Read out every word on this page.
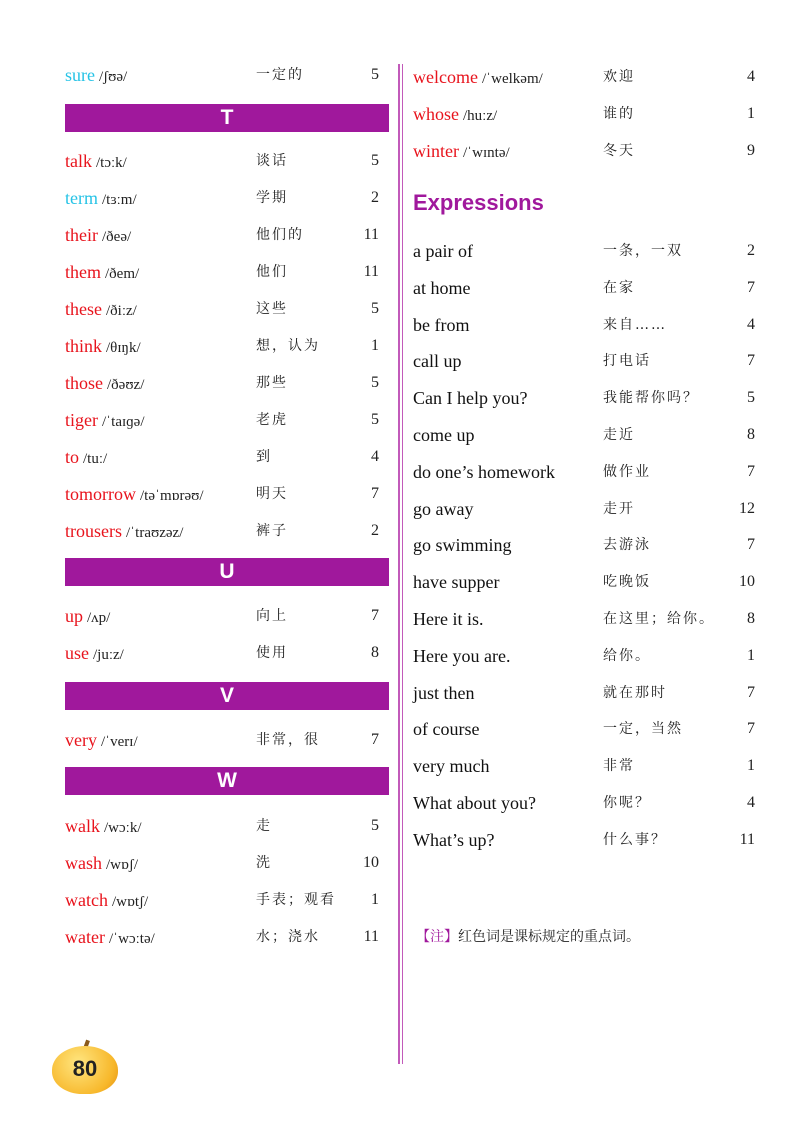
sure /ʃʊə/	一定的	5
T
talk /tɔːk/	谈话	5
term /tɜːm/	学期	2
their /ðeə/	他们的	11
them /ðem/	他们	11
these /ðiːz/	这些	5
think /θɪŋk/	想，认为	1
those /ðəʊz/	那些	5
tiger /ˈtaɪɡə/	老虎	5
to /tuː/	到	4
tomorrow /təˈmɒrəʊ/	明天	7
trousers /ˈtraʊzəz/	裤子	2
U
up /ʌp/	向上	7
use /juːz/	使用	8
V
very /ˈverɪ/	非常，很	7
W
walk /wɔːk/	走	5
wash /wɒʃ/	洗	10
watch /wɒtʃ/	手表；观看 1
water /ˈwɔːtə/	水；浇水	11
welcome /ˈwelkəm/	欢迎	4
whose /huːz/	谁的	1
winter /ˈwɪntə/	冬天	9
a pair of	一条，一双	2
at home	在家	7
be from	来自……	4
call up	打电话	7
Can I help you?	我能帮你吗？	5
come up	走近	8
do one’s homework	做作业	7
go away	走开	12
go swimming	去游泳	7
have supper	吃晚饭	10
Here it is.	在这里；给你。 8
Here you are.	给你。	1
just then	就在那时	7
of course	一定，当然	7
very much	非常	1
What about you?	你呢？	4
What’s up?	什么事？	11
Expressions
【注】红色词是课标规定的重点词。
80
